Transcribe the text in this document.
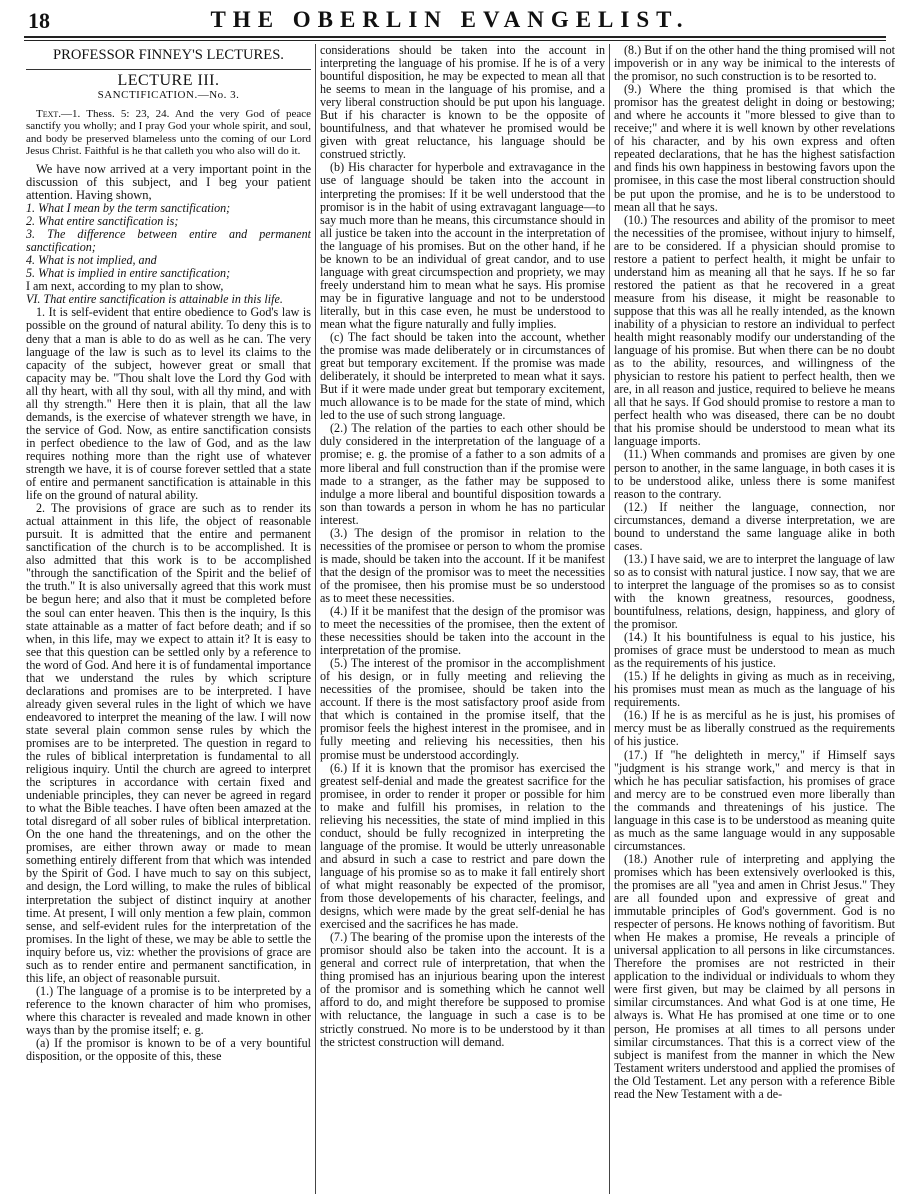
18	THE OBERLIN EVANGELIST.

PROFESSOR FINNEY'S LECTURES.

LECTURE III.

SANCTIFICATION.—No. 3.

Text.—1. Thess. 5: 23, 24. And the very God of peace sanctify you wholly; and I pray God your whole spirit, and soul, and body be preserved blameless unto the coming of our Lord Jesus Christ. Faithful is he that calleth you who also will do it.

We have now arrived at a very important point in the discussion of this subject, and I beg your patient attention. Having shown,

1. What I mean by the term sanctification;

2. What entire sanctification is;

3. The difference between entire and permanent sanctification;

4. What is not implied, and

5. What is implied in entire sanctification;

I am next, according to my plan to show,

VI. That entire sanctification is attainable in this life.

1. It is self-evident that entire obedience to God's law is possible on the ground of natural ability. To deny this is to deny that a man is able to do as well as he can. The very language of the law is such as to level its claims to the capacity of the subject, however great or small that capacity may be. "Thou shalt love the Lord thy God with all thy heart, with all thy soul, with all thy mind, and with all thy strength." Here then it is plain, that all the law demands, is the exercise of whatever strength we have, in the service of God. Now, as entire sanctification consists in perfect obedience to the law of God, and as the law requires nothing more than the right use of whatever strength we have, it is of course forever settled that a state of entire and permanent sanctification is attainable in this life on the ground of natural ability.

2. The provisions of grace are such as to render its actual attainment in this life, the object of reasonable pursuit. It is admitted that the entire and permanent sanctification of the church is to be accomplished. It is also admitted that this work is to be accomplished "through the sanctification of the Spirit and the belief of the truth." It is also universally agreed that this work must be begun here; and also that it must be completed before the soul can enter heaven. This then is the inquiry, Is this state attainable as a matter of fact before death; and if so when, in this life, may we expect to attain it? It is easy to see that this question can be settled only by a reference to the word of God. And here it is of fundamental importance that we understand the rules by which scripture declarations and promises are to be interpreted. I have already given several rules in the light of which we have endeavored to interpret the meaning of the law. I will now state several plain common sense rules by which the promises are to be interpreted. The question in regard to the rules of biblical interpretation is fundamental to all religious inquiry. Until the church are agreed to interpret the scriptures in accordance with certain fixed and undeniable principles, they can never be agreed in regard to what the Bible teaches. I have often been amazed at the total disregard of all sober rules of biblical interpretation. On the one hand the threatenings, and on the other the promises, are either thrown away or made to mean something entirely different from that which was intended by the Spirit of God. I have much to say on this subject, and design, the Lord willing, to make the rules of biblical interpretation the subject of distinct inquiry at another time. At present, I will only mention a few plain, common sense, and self-evident rules for the interpretation of the promises. In the light of these, we may be able to settle the inquiry before us, viz: whether the provisions of grace are such as to render entire and permanent sanctification, in this life, an object of reasonable pursuit.

(1.) The language of a promise is to be interpreted by a reference to the known character of him who promises, where this character is revealed and made known in other ways than by the promise itself; e. g.

(a) If the promisor is known to be of a very bountiful disposition, or the opposite of this, these

considerations should be taken into the account in interpreting the language of his promise. If he is of a very bountiful disposition, he may be expected to mean all that he seems to mean in the language of his promise, and a very liberal construction should be put upon his language. But if his character is known to be the opposite of bountifulness, and that whatever he promised would be given with great reluctance, his language should be construed strictly.

(b) His character for hyperbole and extravagance in the use of language should be taken into the account in interpreting the promises: If it be well understood that the promisor is in the habit of using extravagant language—to say much more than he means, this circumstance should in all justice be taken into the account in the interpretation of the language of his promises. But on the other hand, if he be known to be an individual of great candor, and to use language with great circumspection and propriety, we may freely understand him to mean what he says. His promise may be in figurative language and not to be understood literally, but in this case even, he must be understood to mean what the figure naturally and fully implies.

(c) The fact should be taken into the account, whether the promise was made deliberately or in circumstances of great but temporary excitement. If the promise was made deliberately, it should be interpreted to mean what it says. But if it were made under great but temporary excitement, much allowance is to be made for the state of mind, which led to the use of such strong language.

(2.) The relation of the parties to each other should be duly considered in the interpretation of the language of a promise; e. g. the promise of a father to a son admits of a more liberal and full construction than if the promise were made to a stranger, as the father may be supposed to indulge a more liberal and bountiful disposition towards a son than towards a person in whom he has no particular interest.

(3.) The design of the promisor in relation to the necessities of the promisee or person to whom the promise is made, should be taken into the account. If it be manifest that the design of the promisor was to meet the necessities of the promisee, then his promise must be so understood as to meet these necessities.

(4.) If it be manifest that the design of the promisor was to meet the necessities of the promisee, then the extent of these necessities should be taken into the account in the interpretation of the promise.

(5.) The interest of the promisor in the accomplishment of his design, or in fully meeting and relieving the necessities of the promisee, should be taken into the account. If there is the most satisfactory proof aside from that which is contained in the promise itself, that the promisor feels the highest interest in the promisee, and in fully meeting and relieving his necessities, then his promise must be understood accordingly.

(6.) If it is known that the promisor has exercised the greatest self-denial and made the greatest sacrifice for the promisee, in order to render it proper or possible for him to make and fulfill his promises, in relation to the relieving his necessities, the state of mind implied in this conduct, should be fully recognized in interpreting the language of the promise. It would be utterly unreasonable and absurd in such a case to restrict and pare down the language of his promise so as to make it fall entirely short of what might reasonably be expected of the promisor, from those developements of his character, feelings, and designs, which were made by the great self-denial he has exercised and the sacrifices he has made.

(7.) The bearing of the promise upon the interests of the promisor should also be taken into the account. It is a general and correct rule of interpretation, that when the thing promised has an injurious bearing upon the interest of the promisor and is something which he cannot well afford to do, and might therefore be supposed to promise with reluctance, the language in such a case is to be strictly construed. No more is to be understood by it than the strictest construction will demand.

(8.) But if on the other hand the thing promised will not impoverish or in any way be inimical to the interests of the promisor, no such construction is to be resorted to.

(9.) Where the thing promised is that which the promisor has the greatest delight in doing or bestowing; and where he accounts it "more blessed to give than to receive;" and where it is well known by other revelations of his character, and by his own express and often repeated declarations, that he has the highest satisfaction and finds his own happiness in bestowing favors upon the promisee, in this case the most liberal construction should be put upon the promise, and he is to be understood to mean all that he says.

(10.) The resources and ability of the promisor to meet the necessities of the promisee, without injury to himself, are to be considered. If a physician should promise to restore a patient to perfect health, it might be unfair to understand him as meaning all that he says. If he so far restored the patient as that he recovered in a great measure from his disease, it might be reasonable to suppose that this was all he really intended, as the known inability of a physician to restore an individual to perfect health might reasonably modify our understanding of the language of his promise. But when there can be no doubt as to the ability, resources, and willingness of the physician to restore his patient to perfect health, then we are, in all reason and justice, required to believe he means all that he says. If God should promise to restore a man to perfect health who was diseased, there can be no doubt that his promise should be understood to mean what its language imports.

(11.) When commands and promises are given by one person to another, in the same language, in both cases it is to be understood alike, unless there is some manifest reason to the contrary.

(12.) If neither the language, connection, nor circumstances, demand a diverse interpretation, we are bound to understand the same language alike in both cases.

(13.) I have said, we are to interpret the language of law so as to consist with natural justice. I now say, that we are to interpret the language of the promises so as to consist with the known greatness, resources, goodness, bountifulness, relations, design, happiness, and glory of the promisor.

(14.) It his bountifulness is equal to his justice, his promises of grace must be understood to mean as much as the requirements of his justice.

(15.) If he delights in giving as much as in receiving, his promises must mean as much as the language of his requirements.

(16.) If he is as merciful as he is just, his promises of mercy must be as liberally construed as the requirements of his justice.

(17.) If "he delighteth in mercy," if Himself says "judgment is his strange work," and mercy is that in which he has peculiar satisfaction, his promises of grace and mercy are to be construed even more liberally than the commands and threatenings of his justice. The language in this case is to be understood as meaning quite as much as the same language would in any supposable circumstances.

(18.) Another rule of interpreting and applying the promises which has been extensively overlooked is this, the promises are all "yea and amen in Christ Jesus." They are all founded upon and expressive of great and immutable principles of God's government. God is no respecter of persons. He knows nothing of favoritism. But when He makes a promise, He reveals a principle of universal application to all persons in like circumstances. Therefore the promises are not restricted in their application to the individual or individuals to whom they were first given, but may be claimed by all persons in similar circumstances. And what God is at one time, He always is. What He has promised at one time or to one person, He promises at all times to all persons under similar circumstances. That this is a correct view of the subject is manifest from the manner in which the New Testament writers understood and applied the promises of the Old Testament. Let any person with a reference Bible read the New Testament with a de-
